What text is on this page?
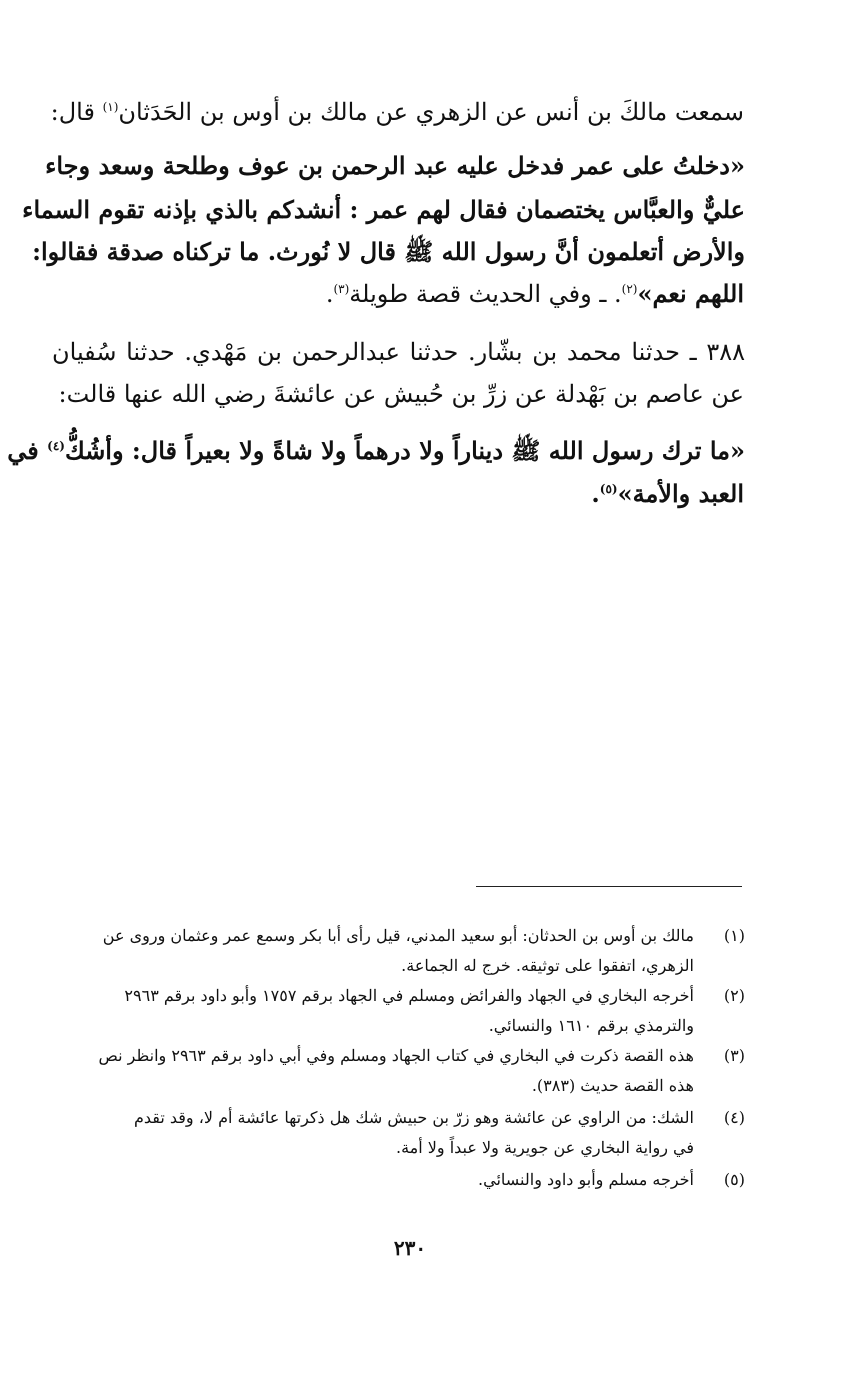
سمعت مالكَ بن أنس عن الزهري عن مالك بن أوس بن الحَدَثان$^{(١)}$ قال:
«دخلتُ على عمر فدخل عليه عبد الرحمن بن عوف وطلحة وسعد وجاء
عليٌّ والعبَّاس يختصمان فقال لهم عمر : أنشدكم بالذي بإذنه تقوم السماء
والأرض أتعلمون أنَّ رسول الله ﷺ قال لا نُورث. ما تركناه صدقة فقالوا:
اللهم نعم»$^{(٢)}$. ـ وفي الحديث قصة طويلة$^{(٣)}$.
٣٨٨ ـ حدثنا محمد بن بشّار. حدثنا عبدالرحمن بن مَهْدي. حدثنا سُفيان
عن عاصم بن بَهْدلة عن زرِّ بن حُبيش عن عائشةَ رضي الله عنها قالت:
«ما ترك رسول الله ﷺ ديناراً ولا درهماً ولا شاةً ولا بعيراً قال: وأشُكُّ$^{(٤)}$ في
العبد والأمة»$^{(٥)}$.
(١)
مالك بن أوس بن الحدثان: أبو سعيد المدني، قيل رأى أبا بكر وسمع عمر وعثمان وروى عن
الزهري، اتفقوا على توثيقه. خرج له الجماعة.
(٢)
أخرجه البخاري في الجهاد والفرائض ومسلم في الجهاد برقم ١٧٥٧ وأبو داود برقم ٢٩٦٣
والترمذي برقم ١٦١٠ والنسائي.
(٣)
هذه القصة ذكرت في البخاري في كتاب الجهاد ومسلم وفي أبي داود برقم ٢٩٦٣ وانظر نص
هذه القصة حديث (٣٨٣).
(٤)
الشك: من الراوي عن عائشة وهو زرّ بن حبيش شك هل ذكرتها عائشة أم لا، وقد تقدم
في رواية البخاري عن جويرية ولا عبداً ولا أمة.
(٥)
أخرجه مسلم وأبو داود والنسائي.
٢٣٠
